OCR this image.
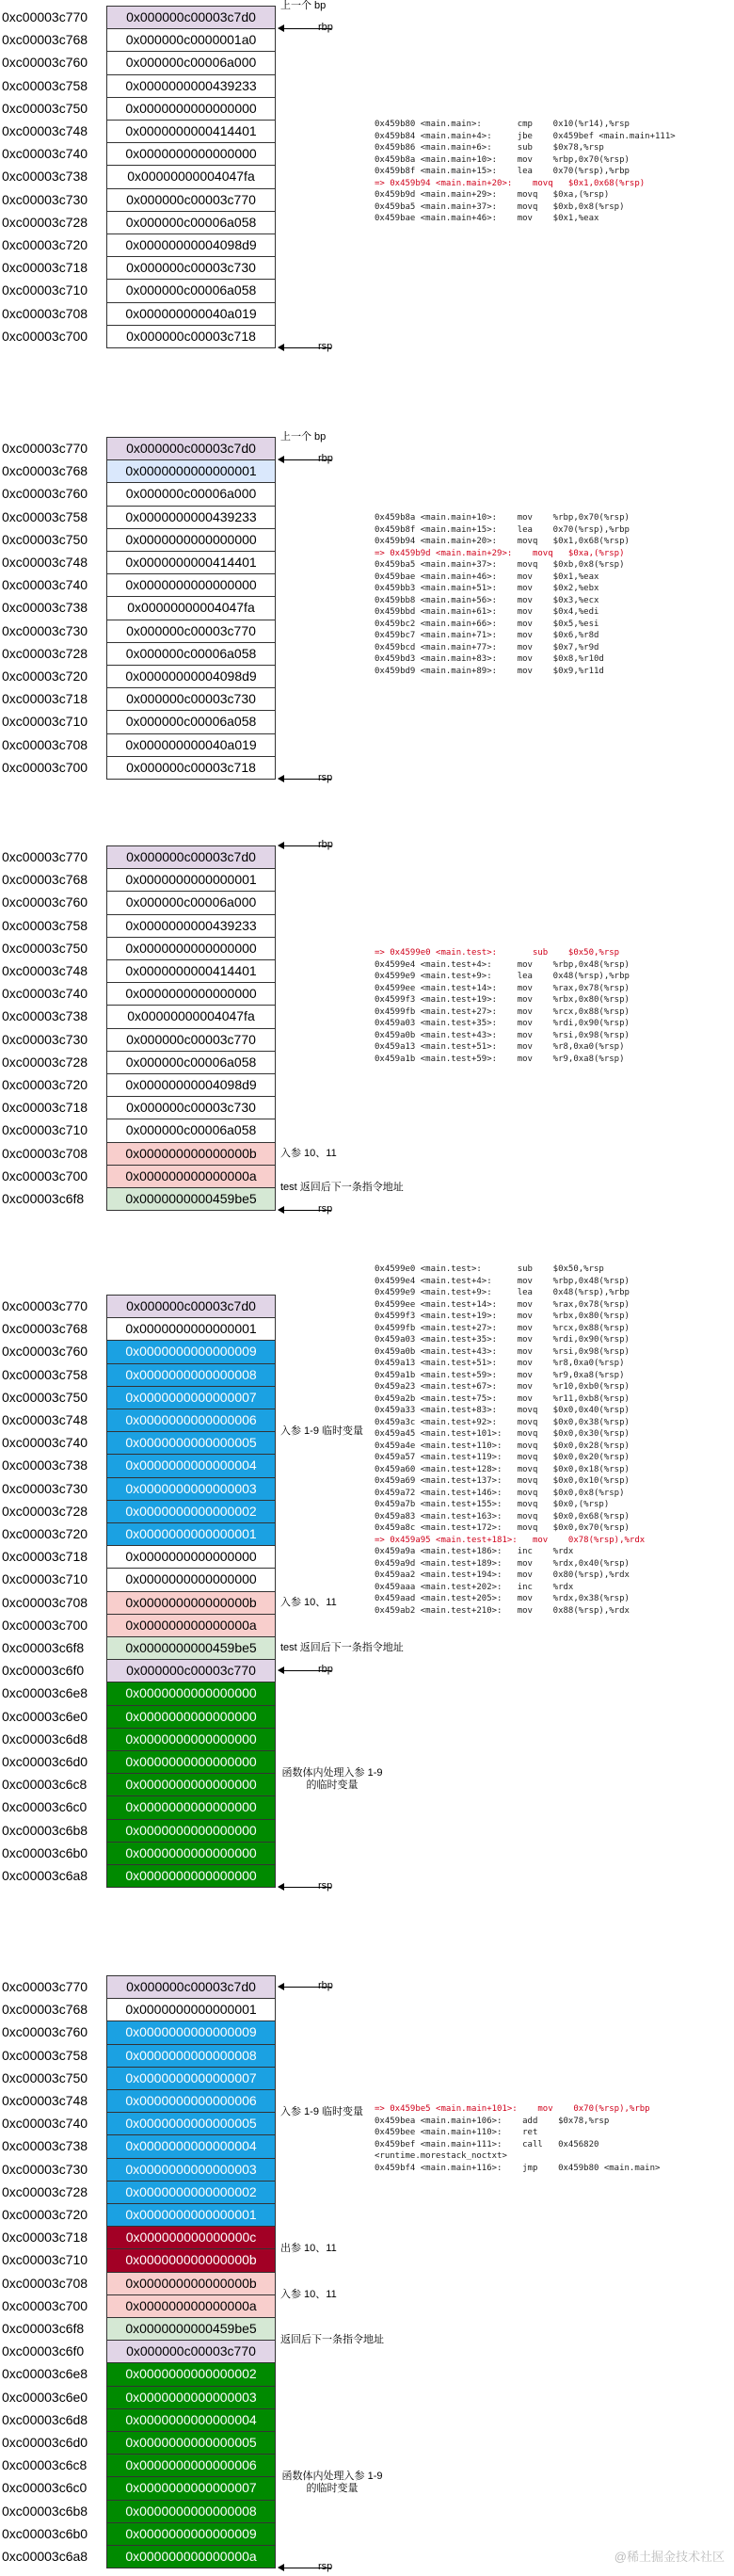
0xc00003c770
0xc00003c768
0xc00003c760
0xc00003c758
0xc00003c750
0xc00003c748
0xc00003c740
0xc00003c738
0xc00003c730
0xc00003c728
0xc00003c720
0xc00003c718
0xc00003c710
0xc00003c708
0xc00003c700
0x000000c00003c7d0
0x000000c0000001a0
0x000000c00006a000
0x0000000000439233
0x0000000000000000
0x0000000000414401
0x0000000000000000
0x00000000004047fa
0x000000c00003c770
0x000000c00006a058
0x00000000004098d9
0x000000c00003c730
0x000000c00006a058
0x000000000040a019
0x000000c00003c718
上一个 bp
rbp
rsp
0x459b80 <main.main>:       cmp    0x10(%r14),%rsp
0x459b84 <main.main+4>:     jbe    0x459bef <main.main+111>
0x459b86 <main.main+6>:     sub    $0x78,%rsp
0x459b8a <main.main+10>:    mov    %rbp,0x70(%rsp)
0x459b8f <main.main+15>:    lea    0x70(%rsp),%rbp
=> 0x459b94 <main.main+20>:    movq   $0x1,0x68(%rsp)
0x459b9d <main.main+29>:    movq   $0xa,(%rsp)
0x459ba5 <main.main+37>:    movq   $0xb,0x8(%rsp)
0x459bae <main.main+46>:    mov    $0x1,%eax
0xc00003c770
0xc00003c768
0xc00003c760
0xc00003c758
0xc00003c750
0xc00003c748
0xc00003c740
0xc00003c738
0xc00003c730
0xc00003c728
0xc00003c720
0xc00003c718
0xc00003c710
0xc00003c708
0xc00003c700
0x000000c00003c7d0
0x0000000000000001
0x000000c00006a000
0x0000000000439233
0x0000000000000000
0x0000000000414401
0x0000000000000000
0x00000000004047fa
0x000000c00003c770
0x000000c00006a058
0x00000000004098d9
0x000000c00003c730
0x000000c00006a058
0x000000000040a019
0x000000c00003c718
上一个 bp
rbp
rsp
0x459b8a <main.main+10>:    mov    %rbp,0x70(%rsp)
0x459b8f <main.main+15>:    lea    0x70(%rsp),%rbp
0x459b94 <main.main+20>:    movq   $0x1,0x68(%rsp)
=> 0x459b9d <main.main+29>:    movq   $0xa,(%rsp)
0x459ba5 <main.main+37>:    movq   $0xb,0x8(%rsp)
0x459bae <main.main+46>:    mov    $0x1,%eax
0x459bb3 <main.main+51>:    mov    $0x2,%ebx
0x459bb8 <main.main+56>:    mov    $0x3,%ecx
0x459bbd <main.main+61>:    mov    $0x4,%edi
0x459bc2 <main.main+66>:    mov    $0x5,%esi
0x459bc7 <main.main+71>:    mov    $0x6,%r8d
0x459bcd <main.main+77>:    mov    $0x7,%r9d
0x459bd3 <main.main+83>:    mov    $0x8,%r10d
0x459bd9 <main.main+89>:    mov    $0x9,%r11d
0xc00003c770
0xc00003c768
0xc00003c760
0xc00003c758
0xc00003c750
0xc00003c748
0xc00003c740
0xc00003c738
0xc00003c730
0xc00003c728
0xc00003c720
0xc00003c718
0xc00003c710
0xc00003c708
0xc00003c700
0xc00003c6f8
0x000000c00003c7d0
0x0000000000000001
0x000000c00006a000
0x0000000000439233
0x0000000000000000
0x0000000000414401
0x0000000000000000
0x00000000004047fa
0x000000c00003c770
0x000000c00006a058
0x00000000004098d9
0x000000c00003c730
0x000000c00006a058
0x000000000000000b
0x000000000000000a
0x0000000000459be5
rbp
入参 10、11
test 返回后下一条指令地址
rsp
=> 0x4599e0 <main.test>:       sub    $0x50,%rsp
0x4599e4 <main.test+4>:     mov    %rbp,0x48(%rsp)
0x4599e9 <main.test+9>:     lea    0x48(%rsp),%rbp
0x4599ee <main.test+14>:    mov    %rax,0x78(%rsp)
0x4599f3 <main.test+19>:    mov    %rbx,0x80(%rsp)
0x4599fb <main.test+27>:    mov    %rcx,0x88(%rsp)
0x459a03 <main.test+35>:    mov    %rdi,0x90(%rsp)
0x459a0b <main.test+43>:    mov    %rsi,0x98(%rsp)
0x459a13 <main.test+51>:    mov    %r8,0xa0(%rsp)
0x459a1b <main.test+59>:    mov    %r9,0xa8(%rsp)
0xc00003c770
0xc00003c768
0xc00003c760
0xc00003c758
0xc00003c750
0xc00003c748
0xc00003c740
0xc00003c738
0xc00003c730
0xc00003c728
0xc00003c720
0xc00003c718
0xc00003c710
0xc00003c708
0xc00003c700
0xc00003c6f8
0xc00003c6f0
0xc00003c6e8
0xc00003c6e0
0xc00003c6d8
0xc00003c6d0
0xc00003c6c8
0xc00003c6c0
0xc00003c6b8
0xc00003c6b0
0xc00003c6a8
0x000000c00003c7d0
0x0000000000000001
0x0000000000000009
0x0000000000000008
0x0000000000000007
0x0000000000000006
0x0000000000000005
0x0000000000000004
0x0000000000000003
0x0000000000000002
0x0000000000000001
0x0000000000000000
0x0000000000000000
0x000000000000000b
0x000000000000000a
0x0000000000459be5
0x000000c00003c770
0x0000000000000000
0x0000000000000000
0x0000000000000000
0x0000000000000000
0x0000000000000000
0x0000000000000000
0x0000000000000000
0x0000000000000000
0x0000000000000000
入参 1-9 临时变量
入参 10、11
test 返回后下一条指令地址
rbp
函数体内处理入参 1-9 的临时变量
rsp
0x4599e0 <main.test>:       sub    $0x50,%rsp
0x4599e4 <main.test+4>:     mov    %rbp,0x48(%rsp)
0x4599e9 <main.test+9>:     lea    0x48(%rsp),%rbp
0x4599ee <main.test+14>:    mov    %rax,0x78(%rsp)
0x4599f3 <main.test+19>:    mov    %rbx,0x80(%rsp)
0x4599fb <main.test+27>:    mov    %rcx,0x88(%rsp)
0x459a03 <main.test+35>:    mov    %rdi,0x90(%rsp)
0x459a0b <main.test+43>:    mov    %rsi,0x98(%rsp)
0x459a13 <main.test+51>:    mov    %r8,0xa0(%rsp)
0x459a1b <main.test+59>:    mov    %r9,0xa8(%rsp)
0x459a23 <main.test+67>:    mov    %r10,0xb0(%rsp)
0x459a2b <main.test+75>:    mov    %r11,0xb8(%rsp)
0x459a33 <main.test+83>:    movq   $0x0,0x40(%rsp)
0x459a3c <main.test+92>:    movq   $0x0,0x38(%rsp)
0x459a45 <main.test+101>:   movq   $0x0,0x30(%rsp)
0x459a4e <main.test+110>:   movq   $0x0,0x28(%rsp)
0x459a57 <main.test+119>:   movq   $0x0,0x20(%rsp)
0x459a60 <main.test+128>:   movq   $0x0,0x18(%rsp)
0x459a69 <main.test+137>:   movq   $0x0,0x10(%rsp)
0x459a72 <main.test+146>:   movq   $0x0,0x8(%rsp)
0x459a7b <main.test+155>:   movq   $0x0,(%rsp)
0x459a83 <main.test+163>:   movq   $0x0,0x68(%rsp)
0x459a8c <main.test+172>:   movq   $0x0,0x70(%rsp)
=> 0x459a95 <main.test+181>:   mov    0x78(%rsp),%rdx
0x459a9a <main.test+186>:   inc    %rdx
0x459a9d <main.test+189>:   mov    %rdx,0x40(%rsp)
0x459aa2 <main.test+194>:   mov    0x80(%rsp),%rdx
0x459aaa <main.test+202>:   inc    %rdx
0x459aad <main.test+205>:   mov    %rdx,0x38(%rsp)
0x459ab2 <main.test+210>:   mov    0x88(%rsp),%rdx
0xc00003c770
0xc00003c768
0xc00003c760
0xc00003c758
0xc00003c750
0xc00003c748
0xc00003c740
0xc00003c738
0xc00003c730
0xc00003c728
0xc00003c720
0xc00003c718
0xc00003c710
0xc00003c708
0xc00003c700
0xc00003c6f8
0xc00003c6f0
0xc00003c6e8
0xc00003c6e0
0xc00003c6d8
0xc00003c6d0
0xc00003c6c8
0xc00003c6c0
0xc00003c6b8
0xc00003c6b0
0xc00003c6a8
0x000000c00003c7d0
0x0000000000000001
0x0000000000000009
0x0000000000000008
0x0000000000000007
0x0000000000000006
0x0000000000000005
0x0000000000000004
0x0000000000000003
0x0000000000000002
0x0000000000000001
0x000000000000000c
0x000000000000000b
0x000000000000000b
0x000000000000000a
0x0000000000459be5
0x000000c00003c770
0x0000000000000002
0x0000000000000003
0x0000000000000004
0x0000000000000005
0x0000000000000006
0x0000000000000007
0x0000000000000008
0x0000000000000009
0x000000000000000a
rbp
入参 1-9 临时变量
出参 10、11
入参 10、11
返回后下一条指令地址
函数体内处理入参 1-9 的临时变量
rsp
=> 0x459be5 <main.main+101>:    mov    0x70(%rsp),%rbp
0x459bea <main.main+106>:    add    $0x78,%rsp
0x459bee <main.main+110>:    ret
0x459bef <main.main+111>:    call   0x456820
<runtime.morestack_noctxt>
0x459bf4 <main.main+116>:    jmp    0x459b80 <main.main>
@稀土掘金技术社区
